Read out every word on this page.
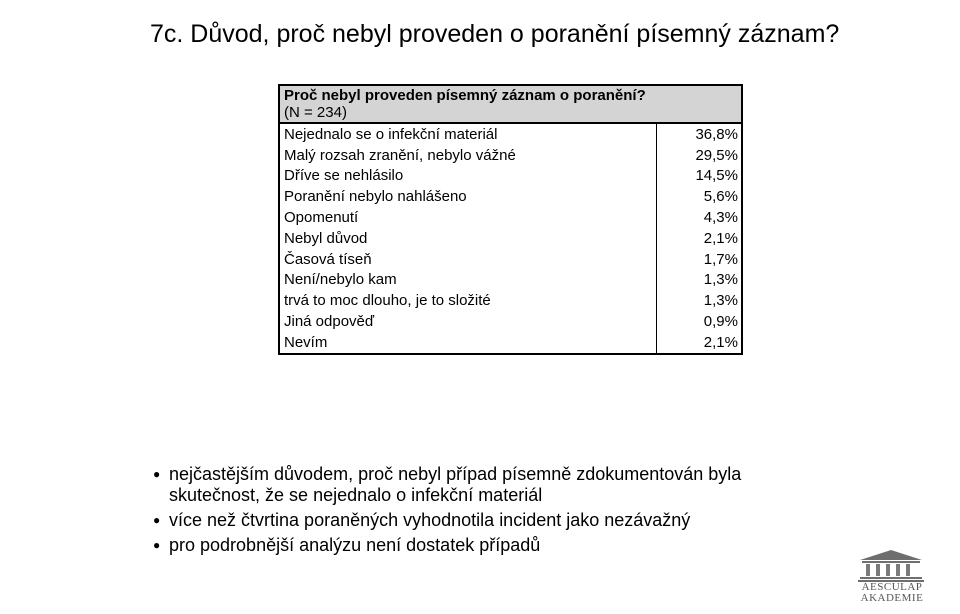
7c. Důvod, proč nebyl proveden o poranění písemný záznam?
Proč nebyl proveden písemný záznam o poranění?
(N = 234)
Nejednalo se o infekční materiál	36,8%
Malý rozsah zranění, nebylo vážné	29,5%
Dříve se nehlásilo	14,5%
Poranění nebylo nahlášeno	5,6%
Opomenutí	4,3%
Nebyl důvod	2,1%
Časová tíseň	1,7%
Není/nebylo kam	1,3%
trvá to moc dlouho, je to složité	1,3%
Jiná odpověď	0,9%
Nevím	2,1%
● nejčastějším důvodem, proč nebyl případ písemně zdokumentován byla skutečnost, že se nejednalo o infekční materiál
● více než čtvrtina poraněných vyhodnotila incident jako nezávažný
● pro podrobnější analýzu není dostatek případů
AESCULAP
AKADEMIE
